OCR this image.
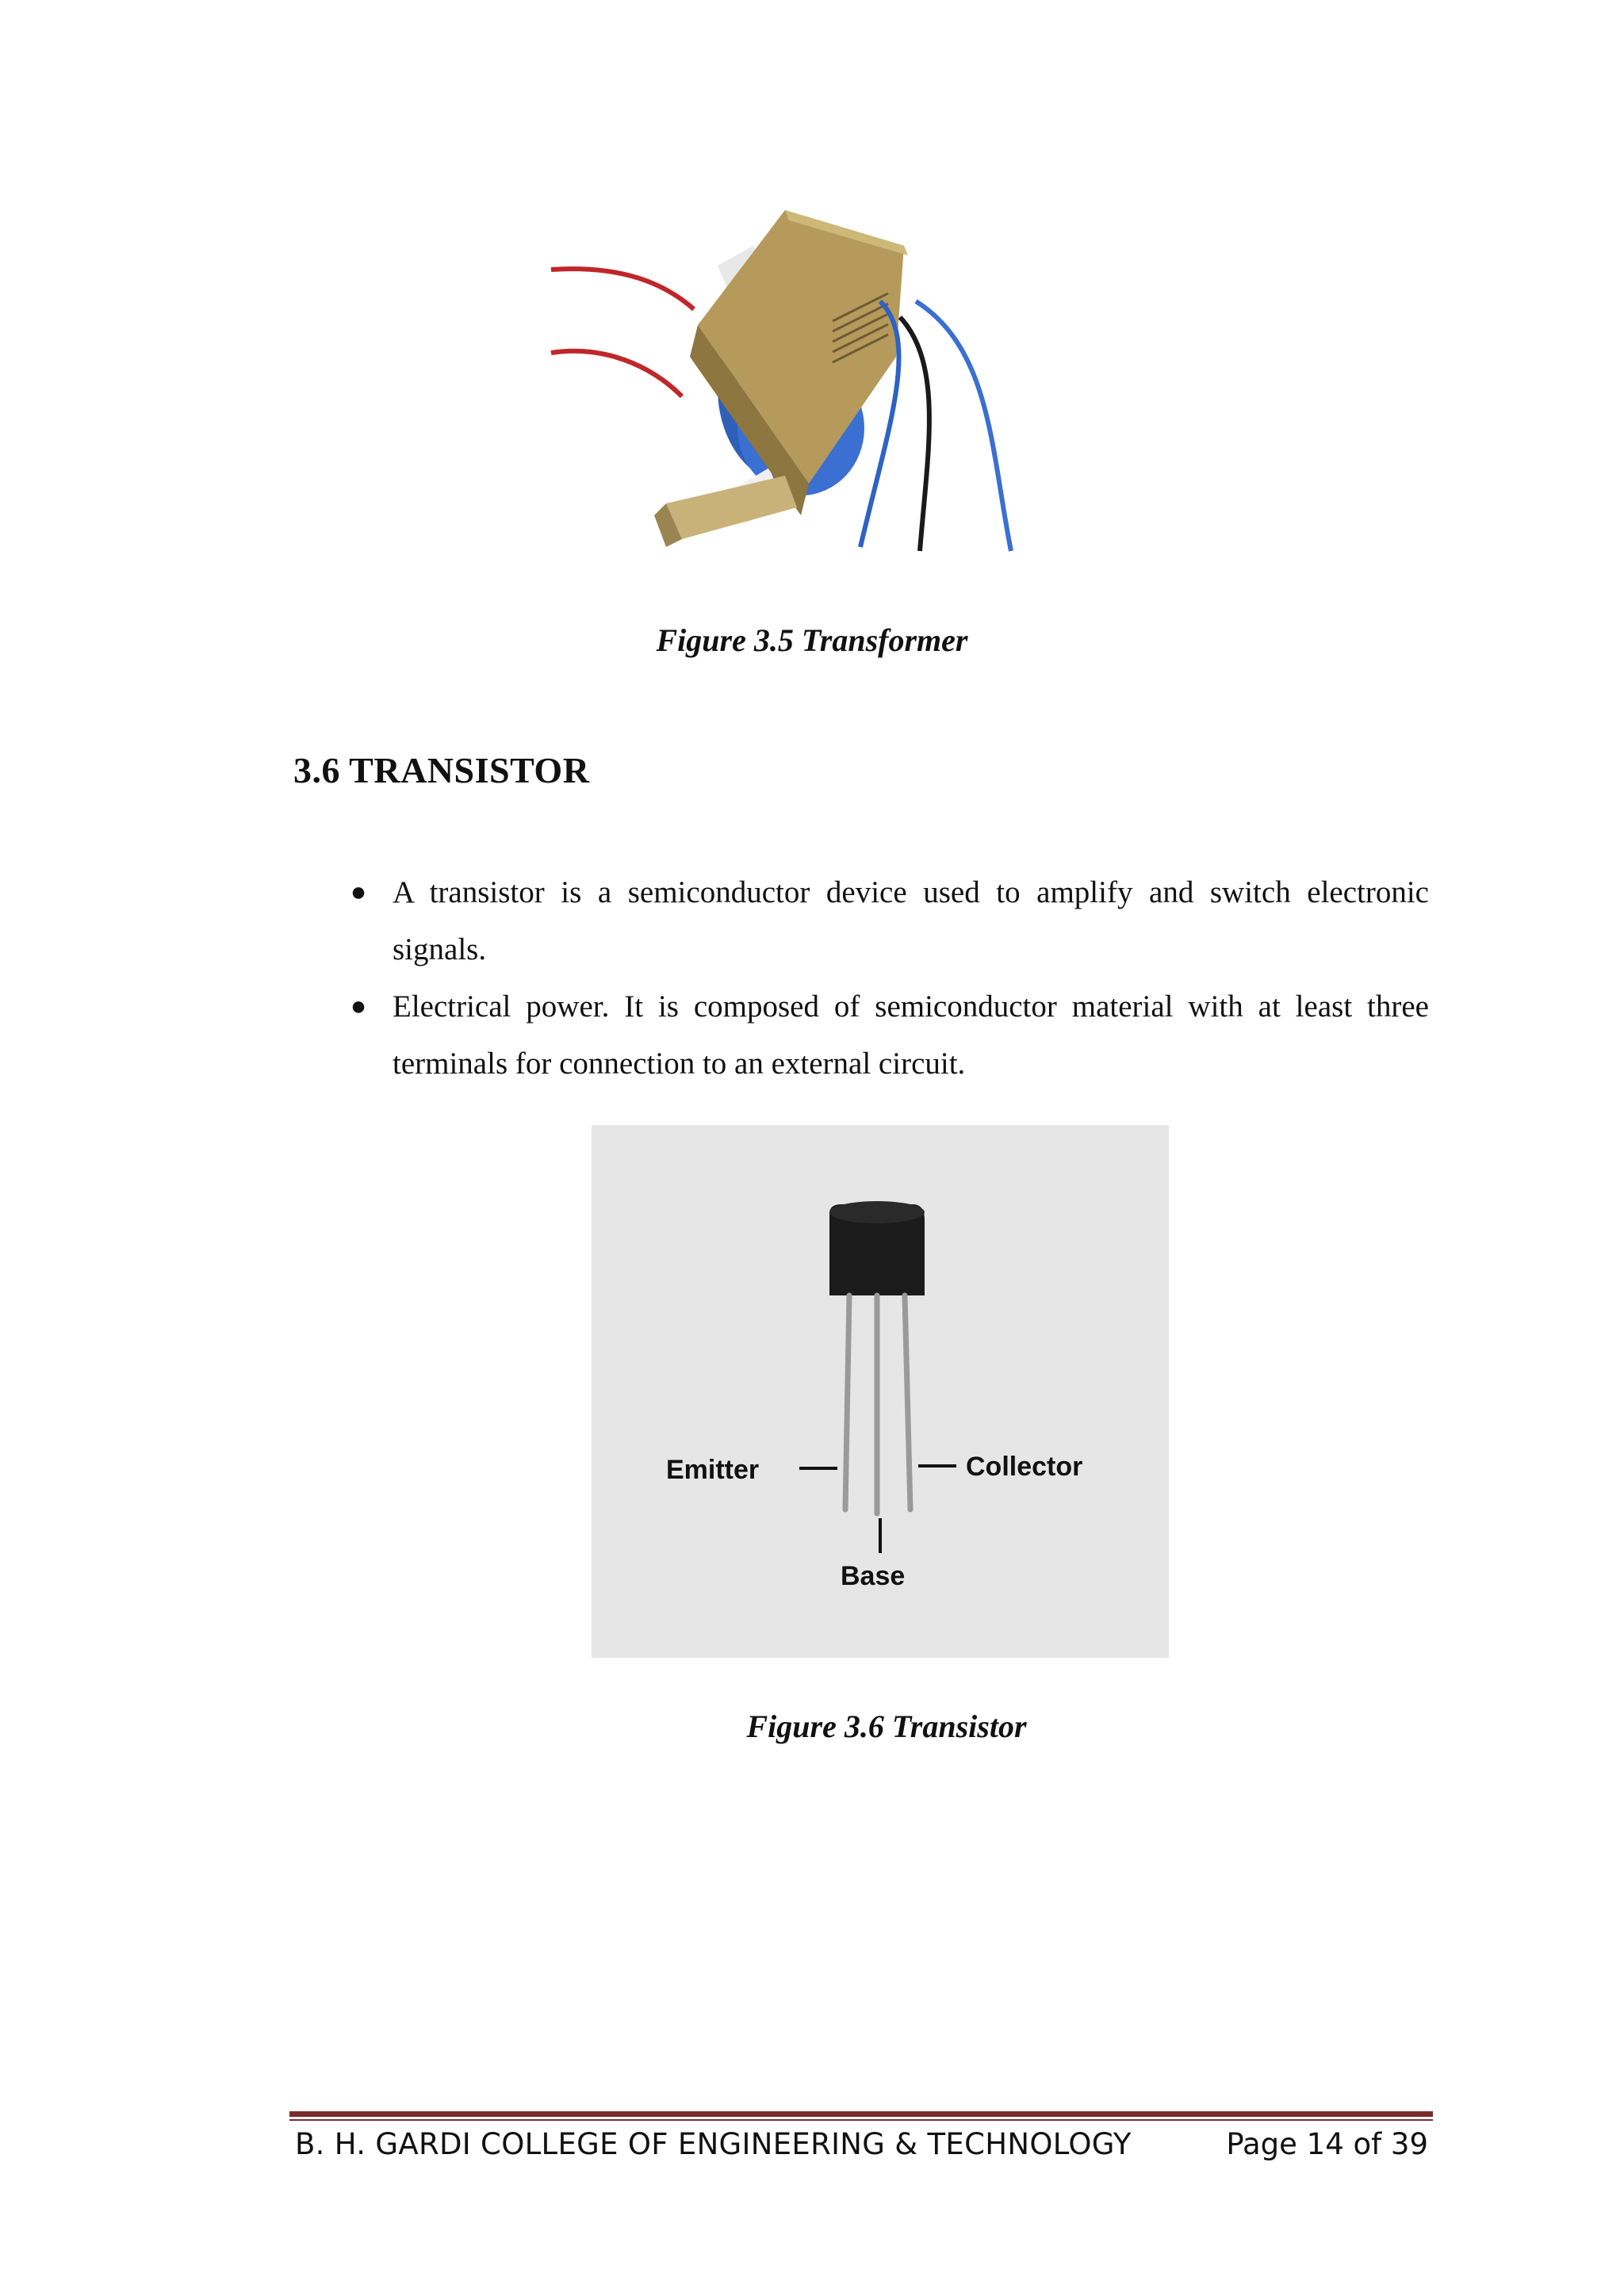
Figure 3.5 Transformer
3.6 TRANSISTOR
● A transistor is a semiconductor device used to amplify and switch electronic signals.
● Electrical power. It is composed of semiconductor material with at least three terminals for connection to an external circuit.
Emitter	Collector
Base
Figure 3.6 Transistor
B. H. GARDI COLLEGE OF ENGINEERING & TECHNOLOGY	Page 14 of 39
